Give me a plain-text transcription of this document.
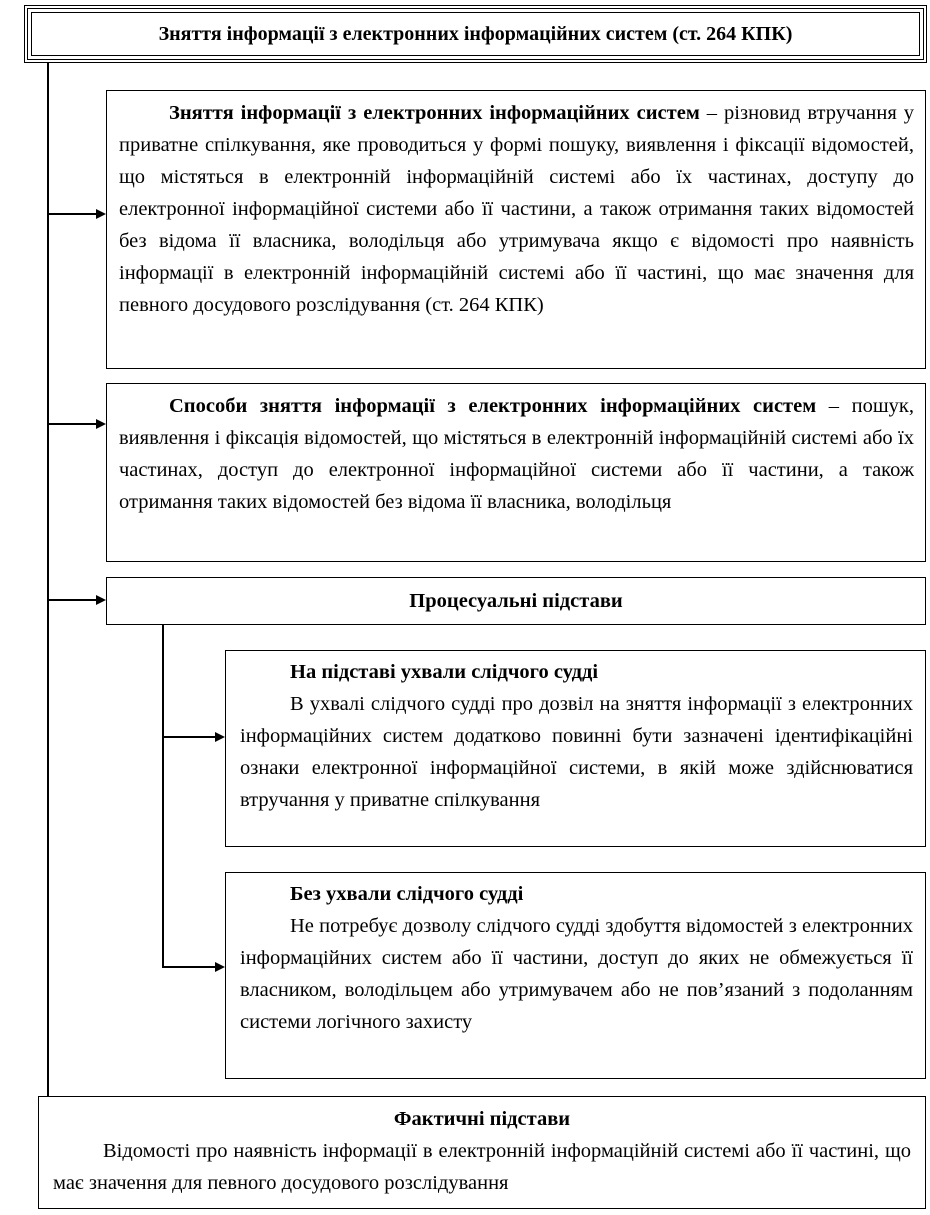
Зняття інформації з електронних інформаційних систем (ст. 264 КПК)
Зняття інформації з електронних інформаційних систем – різновид втручання у приватне спілкування, яке проводиться у формі пошуку, виявлення і фіксації відомостей, що містяться в електронній інформаційній системі або їх частинах, доступу до електронної інформаційної системи або її частини, а також отримання таких відомостей без відома її власника, володільця або утримувача якщо є відомості про наявність інформації в електронній інформаційній системі або її частині, що має значення для певного досудового розслідування (ст. 264 КПК)
Способи зняття інформації з електронних інформаційних систем – пошук, виявлення і фіксація відомостей, що містяться в електронній інформаційній системі або їх частинах, доступ до електронної інформаційної системи або її частини, а також отримання таких відомостей без відома її власника, володільця
Процесуальні підстави
На підставі ухвали слідчого судді
В ухвалі слідчого судді про дозвіл на зняття інформації з електронних інформаційних систем додатково повинні бути зазначені ідентифікаційні ознаки електронної інформаційної системи, в якій може здійснюватися втручання у приватне спілкування
Без ухвали слідчого судді
Не потребує дозволу слідчого судді здобуття відомостей з електронних інформаційних систем або її частини, доступ до яких не обмежується її власником, володільцем або утримувачем або не пов’язаний з подоланням системи логічного захисту
Фактичні підстави
Відомості про наявність інформації в електронній інформаційній системі або її частині, що має значення для певного досудового розслідування
